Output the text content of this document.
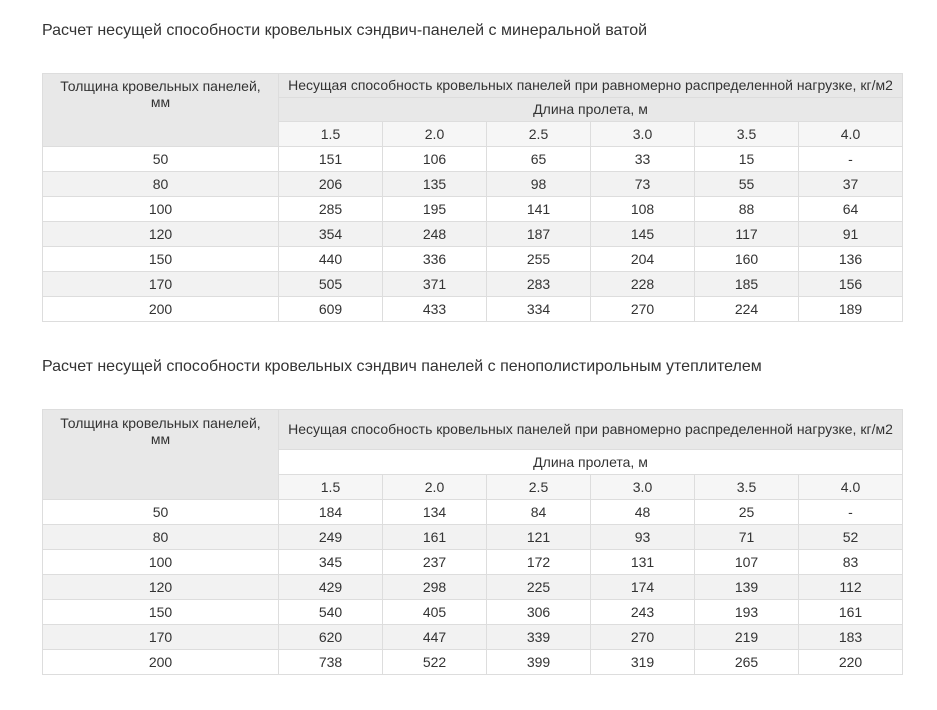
Расчет несущей способности кровельных сэндвич-панелей с минеральной ватой
Толщина кровельных панелей, мм	Несущая способность кровельных панелей при равномерно распределенной нагрузке, кг/м2					
	Длина пролета, м					
	1.5	2.0	2.5	3.0	3.5	4.0
50	151	106	65	33	15	-
80	206	135	98	73	55	37
100	285	195	141	108	88	64
120	354	248	187	145	117	91
150	440	336	255	204	160	136
170	505	371	283	228	185	156
200	609	433	334	270	224	189
Расчет несущей способности кровельных сэндвич панелей с пенополистирольным утеплителем
Толщина кровельных панелей, мм	Несущая способность кровельных панелей при равномерно распределенной нагрузке, кг/м2					
	Длина пролета, м					
	1.5	2.0	2.5	3.0	3.5	4.0
50	184	134	84	48	25	-
80	249	161	121	93	71	52
100	345	237	172	131	107	83
120	429	298	225	174	139	112
150	540	405	306	243	193	161
170	620	447	339	270	219	183
200	738	522	399	319	265	220
